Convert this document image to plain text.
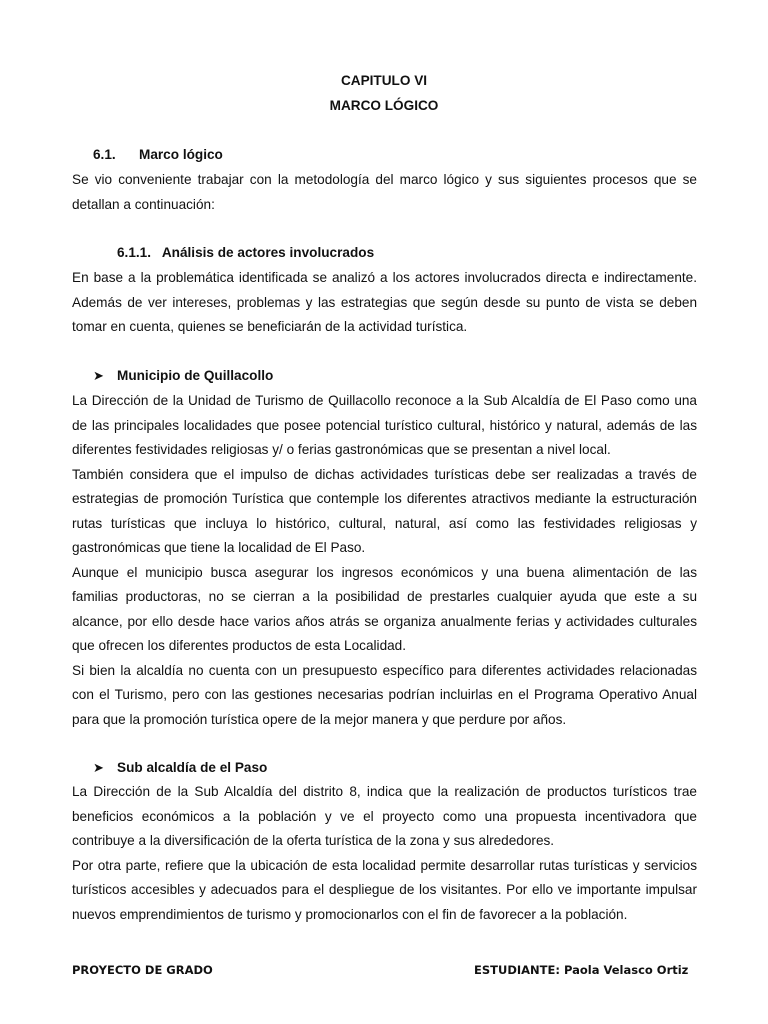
CAPITULO VI
MARCO LÓGICO
6.1. Marco lógico
Se vio conveniente trabajar con la metodología del marco lógico y sus siguientes procesos que se
detallan a continuación:
6.1.1.   Análisis de actores involucrados
En base a la problemática identificada se analizó a los actores involucrados directa e indirectamente.
Además de ver intereses, problemas y las estrategias que según desde su punto de vista se deben
tomar en cuenta, quienes se beneficiarán de la actividad turística.
➤ Municipio de Quillacollo
La Dirección de la Unidad de Turismo de Quillacollo reconoce a la Sub Alcaldía de El Paso como una
de las principales localidades que posee potencial turístico cultural, histórico y natural, además de las
diferentes festividades religiosas y/ o ferias gastronómicas que se presentan a nivel local.
También considera que el impulso de dichas actividades turísticas debe ser realizadas a través de
estrategias de promoción Turística que contemple los diferentes atractivos mediante la estructuración
rutas turísticas que incluya lo histórico, cultural, natural, así como las festividades religiosas y
gastronómicas que tiene la localidad de El Paso.
Aunque el municipio busca asegurar los ingresos económicos y una buena alimentación de las
familias productoras, no se cierran a la posibilidad de prestarles cualquier ayuda que este a su
alcance, por ello desde hace varios años atrás se organiza anualmente ferias y actividades culturales
que ofrecen los diferentes productos de esta Localidad.
Si bien la alcaldía no cuenta con un presupuesto específico para diferentes actividades relacionadas
con el Turismo, pero con las gestiones necesarias podrían incluirlas en el Programa Operativo Anual
para que la promoción turística opere de la mejor manera y que perdure por años.
➤ Sub alcaldía de el Paso
La Dirección de la Sub Alcaldía del distrito 8, indica que la realización de productos turísticos trae
beneficios económicos a la población y ve el proyecto como una propuesta incentivadora que
contribuye a la diversificación de la oferta turística de la zona y sus alrededores.
Por otra parte, refiere que la ubicación de esta localidad permite desarrollar rutas turísticas y servicios
turísticos accesibles y adecuados para el despliegue de los visitantes. Por ello ve importante impulsar
nuevos emprendimientos de turismo y promocionarlos con el fin de favorecer a la población.
PROYECTO DE GRADO	ESTUDIANTE: Paola Velasco Ortiz
